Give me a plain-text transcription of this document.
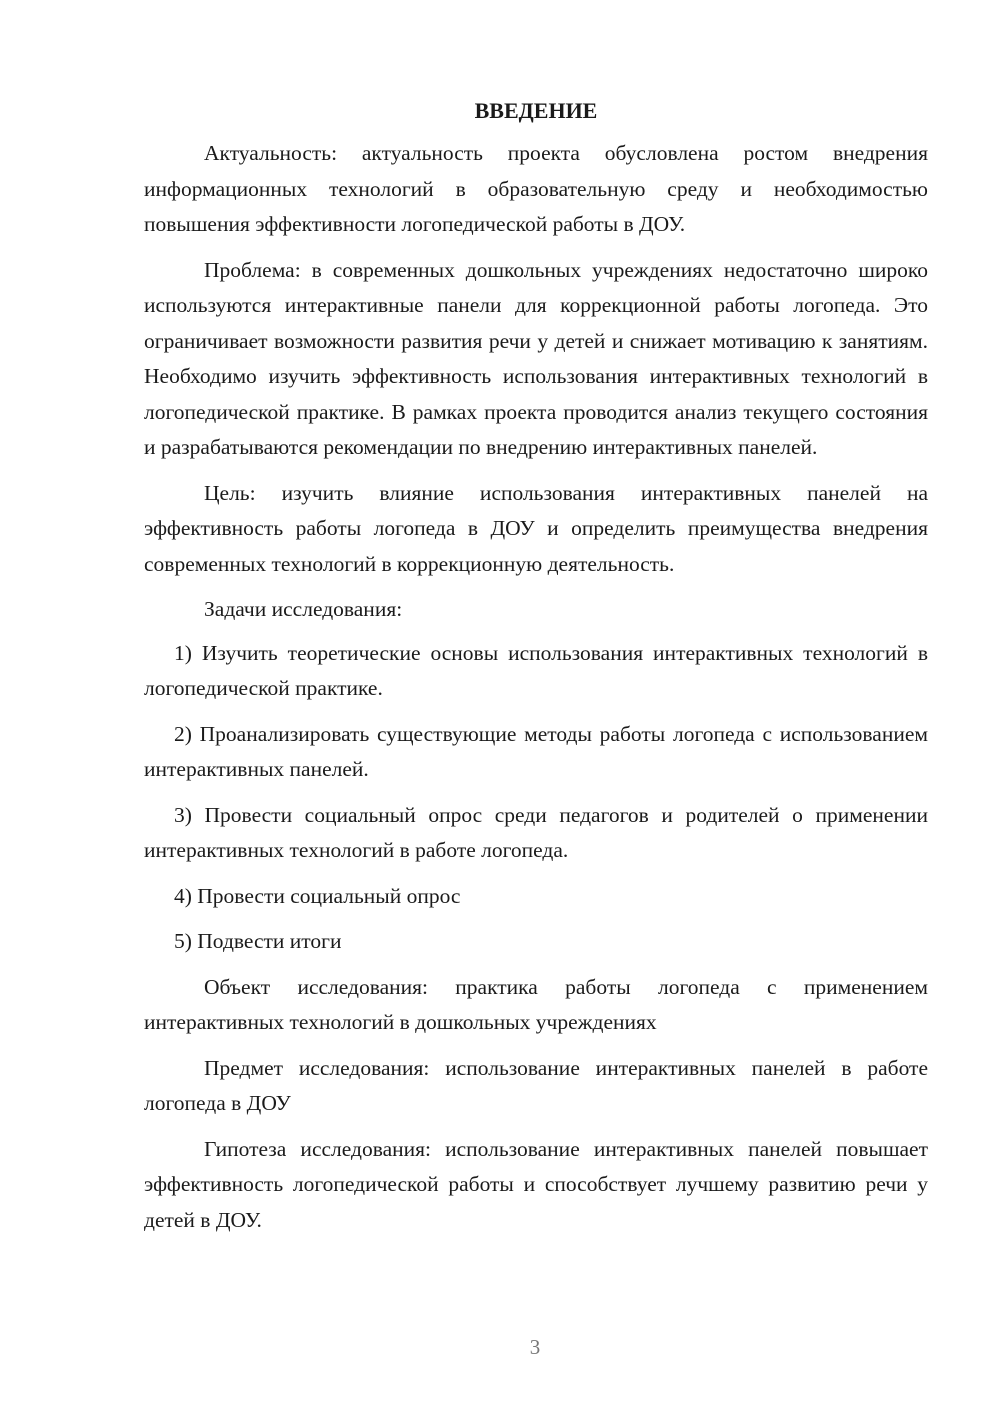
ВВЕДЕНИЕ

Актуальность: актуальность проекта обусловлена ростом внедрения информационных технологий в образовательную среду и необходимостью повышения эффективности логопедической работы в ДОУ.

Проблема: в современных дошкольных учреждениях недостаточно широко используются интерактивные панели для коррекционной работы логопеда. Это ограничивает возможности развития речи у детей и снижает мотивацию к занятиям. Необходимо изучить эффективность использования интерактивных технологий в логопедической практике. В рамках проекта проводится анализ текущего состояния и разрабатываются рекомендации по внедрению интерактивных панелей.

Цель: изучить влияние использования интерактивных панелей на эффективность работы логопеда в ДОУ и определить преимущества внедрения современных технологий в коррекционную деятельность.

Задачи исследования:

1) Изучить теоретические основы использования интерактивных технологий в логопедической практике.

2) Проанализировать существующие методы работы логопеда с использованием интерактивных панелей.

3) Провести социальный опрос среди педагогов и родителей о применении интерактивных технологий в работе логопеда.

4) Провести социальный опрос

5) Подвести итоги

Объект исследования: практика работы логопеда с применением интерактивных технологий в дошкольных учреждениях

Предмет исследования: использование интерактивных панелей в работе логопеда в ДОУ

Гипотеза исследования: использование интерактивных панелей повышает эффективность логопедической работы и способствует лучшему развитию речи у детей в ДОУ.

3
